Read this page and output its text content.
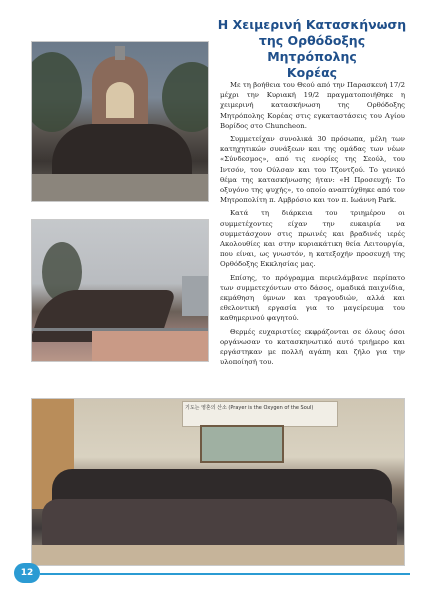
Η Χειμερινή Κατασκήνωση
της Ορθόδοξης Μητρόπολης
Κορέας

Με τη βοήθεια του Θεού από την Παρασκευή 17/2 μέχρι την Κυριακή 19/2 πραγματοποιήθηκε η χειμερινή κατασκήνωση της Ορθόδοξης Μητρόπολης Κορέας στις εγκαταστάσεις του Αγίου Βορίδος στο Chuncheon.

Συμμετείχαν συνολικά 30 πρόσωπα, μέλη των κατηχητικών συνάξεων και της ομάδας των νέων «Σύνδεσμος», από τις ενορίες της Σεούλ, του Ιντσόν, του Ούλσαν και του Τζοντζού. Το γενικό θέμα της κατασκήνωσης ήταν: «Η Προσευχή: Το οξυγόνο της ψυχής», το οποίο αναπτύχθηκε από τον Μητροπολίτη π. Αμβρόσιο και τον π. Ιωάννη Park.

Κατά τη διάρκεια του τριημέρου οι συμμετέχοντες είχαν την ευκαιρία να συμμετάσχουν στις πρωινές και βραδινές ιερές Ακολουθίες και στην κυριακάτικη θεία Λειτουργία, που είναι, ως γνωστόν, η κατεξοχήν προσευχή της Ορθόδοξης Εκκλησίας μας.

Επίσης, το πρόγραμμα περιελάμβανε περίπατο των συμμετεχόντων στο δάσος, ομαδικά παιχνίδια, εκμάθηση ύμνων και τραγουδιών, αλλά και εθελοντική εργασία για το μαγείρευμα του καθημερινού φαγητού.

Θερμές ευχαριστίες εκφράζονται σε όλους όσοι οργάνωσαν το κατασκηνωτικό αυτό τριήμερο και εργάστηκαν με πολλή αγάπη και ζήλο για την υλοποίησή του.

기도는 영혼의 산소 (Prayer is the Oxygen of the Soul)
12
